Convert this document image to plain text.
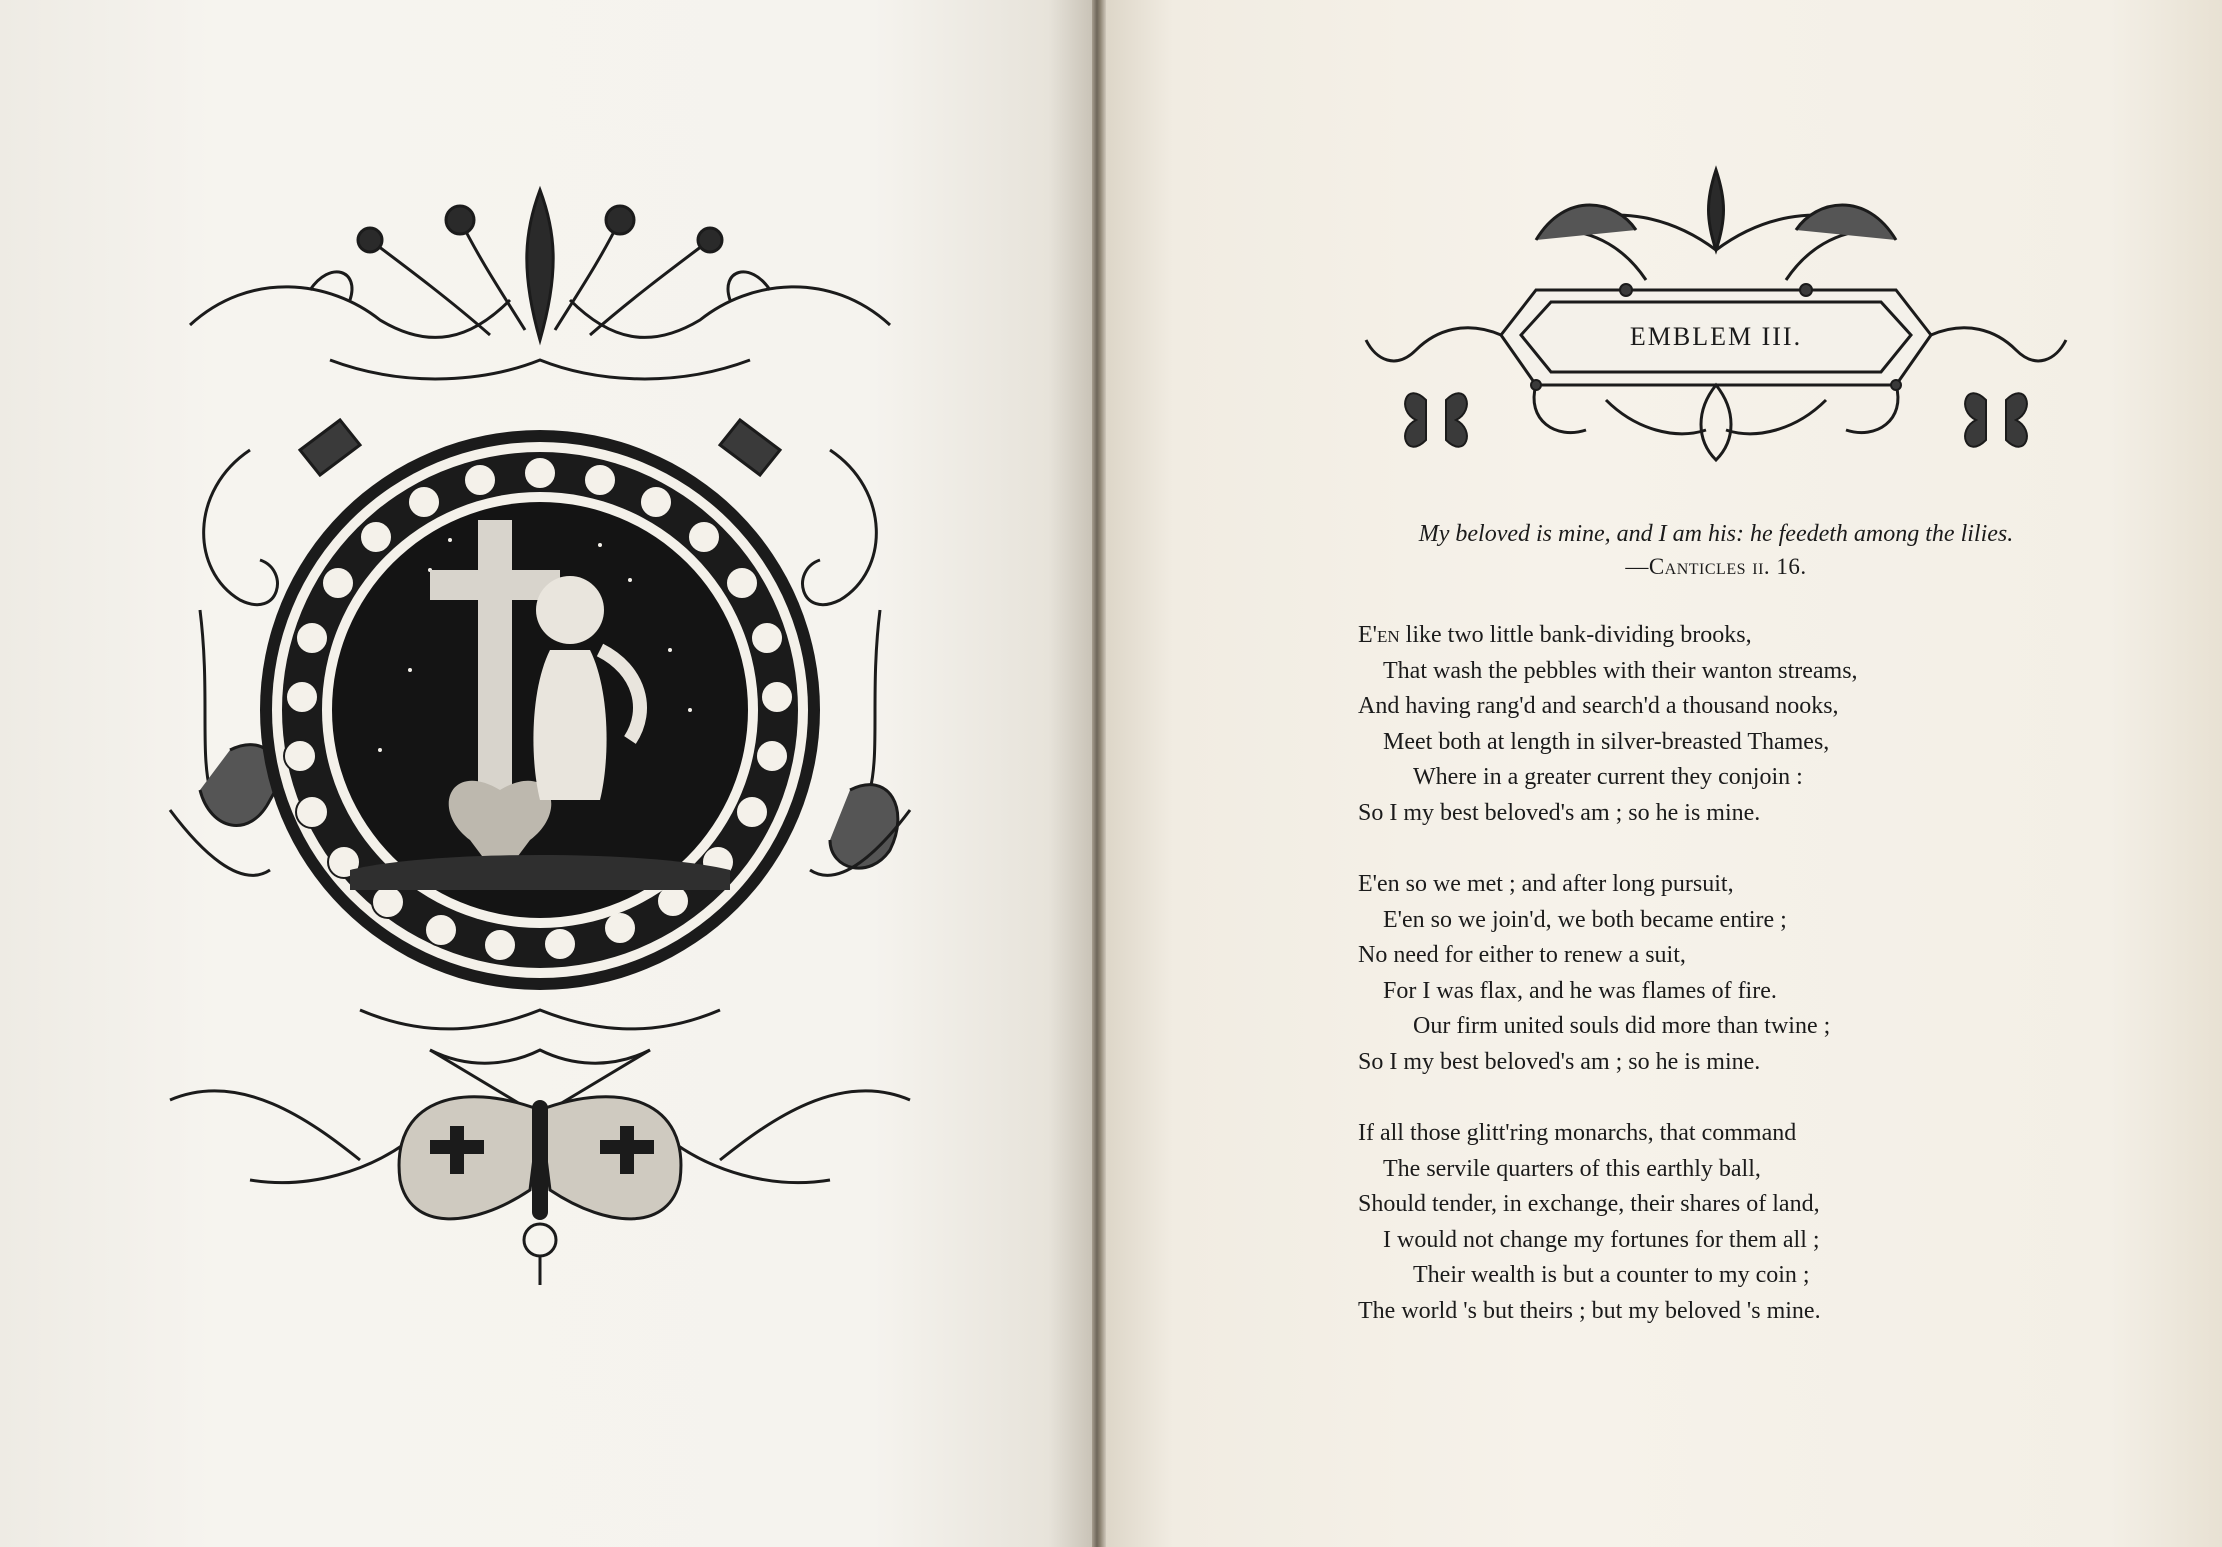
EMBLEM III.
My beloved is mine, and I am his: he feedeth among the lilies.
—Canticles ii. 16.
E'en like two little bank-dividing brooks,
That wash the pebbles with their wanton streams,
And having rang'd and search'd a thousand nooks,
Meet both at length in silver-breasted Thames,
Where in a greater current they conjoin :
So I my best beloved's am ; so he is mine.
E'en so we met ; and after long pursuit,
E'en so we join'd, we both became entire ;
No need for either to renew a suit,
For I was flax, and he was flames of fire.
Our firm united souls did more than twine ;
So I my best beloved's am ; so he is mine.
If all those glitt'ring monarchs, that command
The servile quarters of this earthly ball,
Should tender, in exchange, their shares of land,
I would not change my fortunes for them all ;
Their wealth is but a counter to my coin ;
The world 's but theirs ; but my beloved 's mine.
